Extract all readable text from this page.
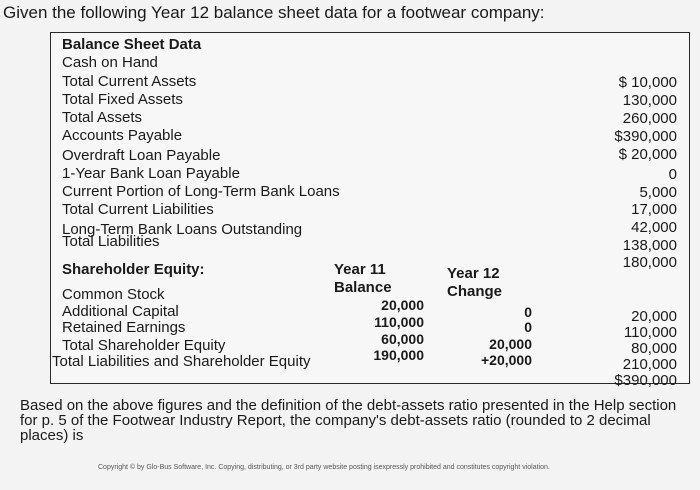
Given the following Year 12 balance sheet data for a footwear company:
Balance Sheet Data
Cash on Hand
Total Current Assets
Total Fixed Assets
Total Assets
Accounts Payable
Overdraft Loan Payable
1-Year Bank Loan Payable
Current Portion of Long-Term Bank Loans
Total Current Liabilities
Long-Term Bank Loans Outstanding
Total Liabilities
$ 10,000
130,000
260,000
$390,000
$ 20,000
0
5,000
17,000
42,000
138,000
180,000
Shareholder Equity:	Year 11
Balance
Year 12
Change
Common Stock
Additional Capital
Retained Earnings
Total Shareholder Equity
Total Liabilities and Shareholder Equity
20,000
110,000
60,000
190,000
0
0
20,000
+20,000
20,000
110,000
80,000
210,000
$390,000
Based on the above figures and the definition of the debt-assets ratio presented in the Help section for p. 5 of the Footwear Industry Report, the company's debt-assets ratio (rounded to 2 decimal places) is
Copyright © by Glo-Bus Software, Inc. Copying, distributing, or 3rd party website posting isexpressly prohibited and constitutes copyright violation.
